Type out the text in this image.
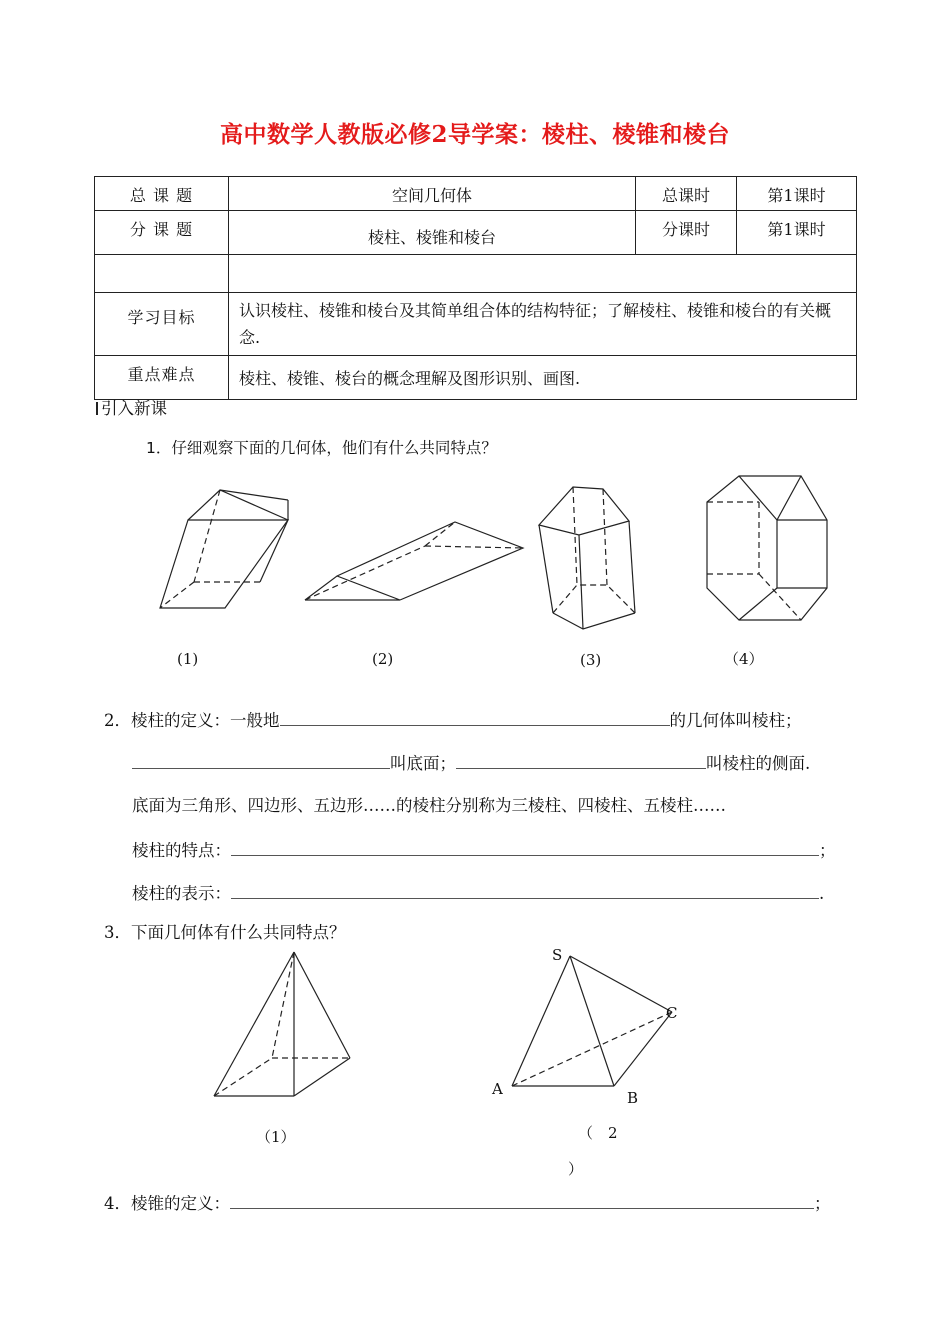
高中数学人教版必修2导学案：棱柱、棱锥和棱台
总 课 题	空间几何体	总课时	第1课时
分 课 题	棱柱、棱锥和棱台	分课时	第1课时

学习目标	认识棱柱、棱锥和棱台及其简单组合体的结构特征；了解棱柱、棱锥和棱台的有关概念.		
重点难点	棱柱、棱锥、棱台的概念理解及图形识别、画图.		
引入新课
1．仔细观察下面的几何体，他们有什么共同特点？
(1)	(2)	(3)	（4）
2．棱柱的定义：一般地	的几何体叫棱柱；
叫底面；	叫棱柱的侧面.
底面为三角形、四边形、五边形……的棱柱分别称为三棱柱、四棱柱、五棱柱……
棱柱的特点：	；
棱柱的表示：	.
3．下面几何体有什么共同特点？
S
C
A	B
（1）	（　2
）
4．棱锥的定义：	；
